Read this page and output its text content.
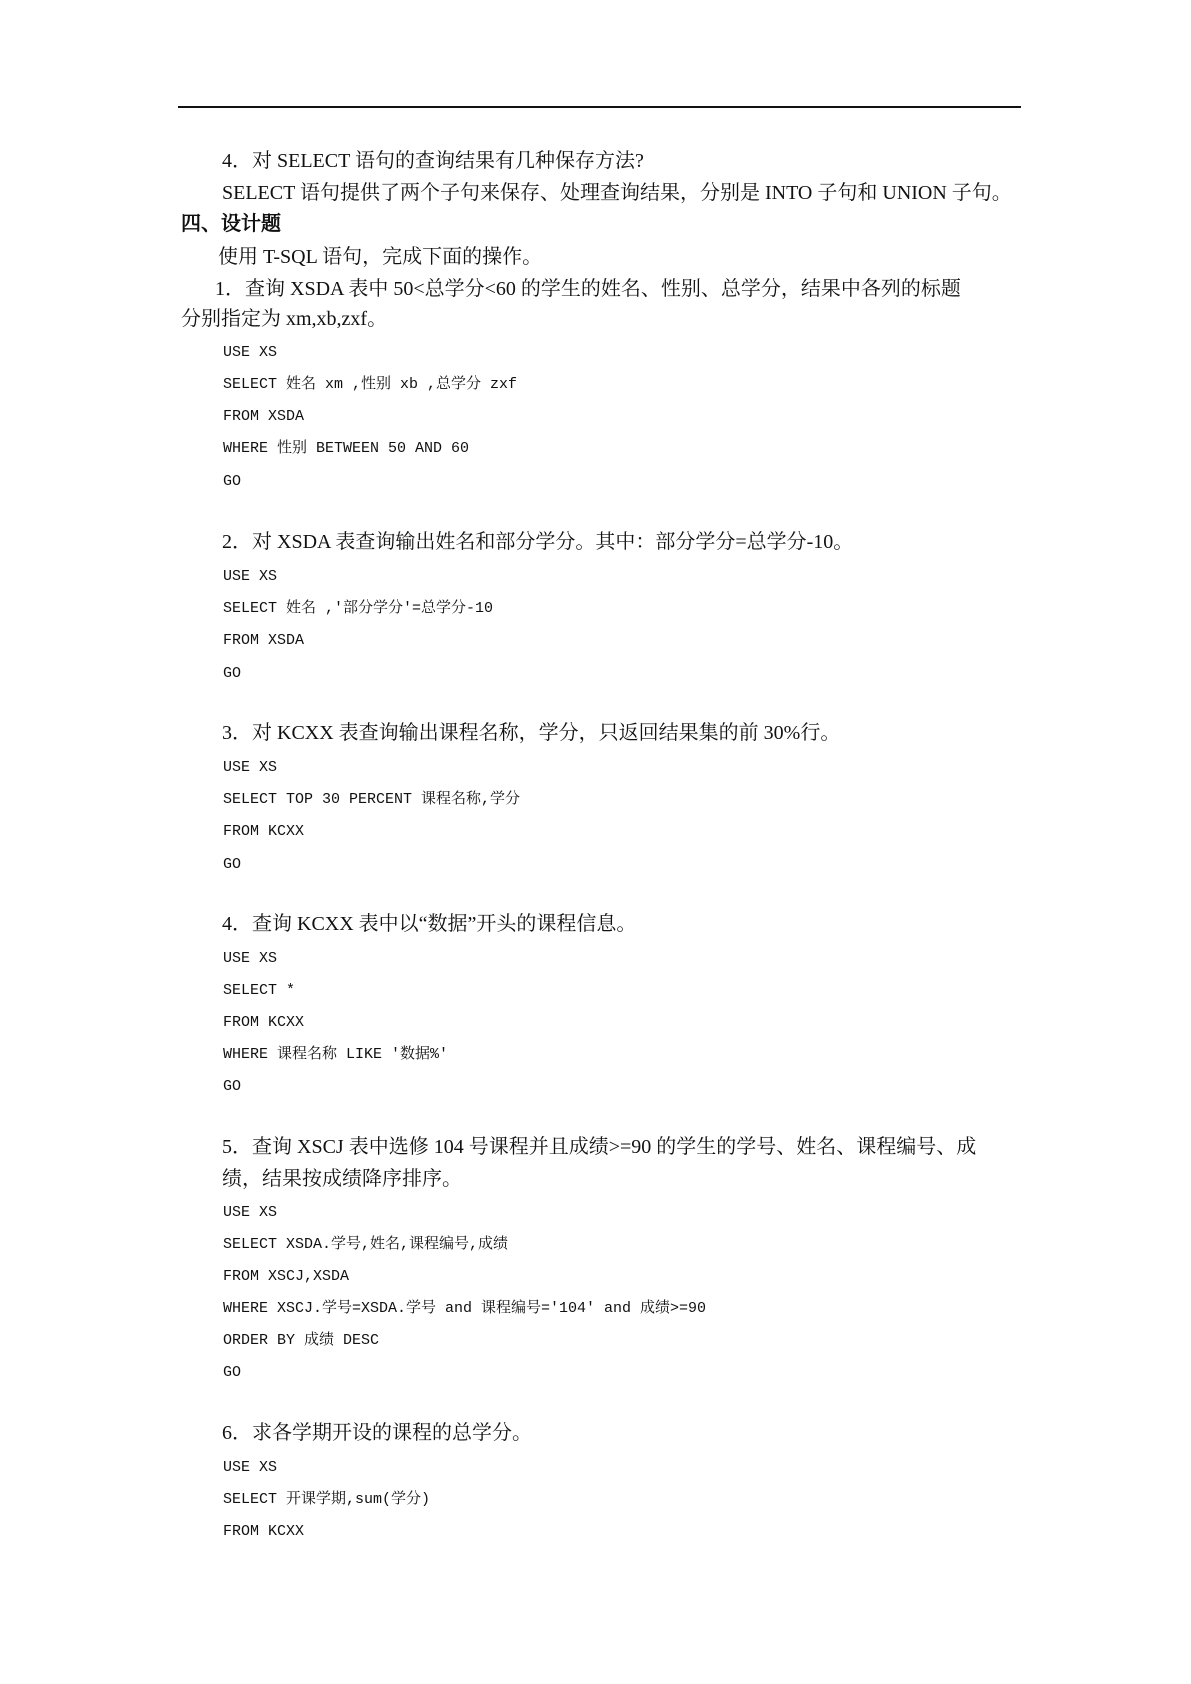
4．对 SELECT 语句的查询结果有几种保存方法?
SELECT 语句提供了两个子句来保存、处理查询结果，分别是 INTO 子句和 UNION 子句。
四、设计题
使用 T-SQL 语句，完成下面的操作。
1．查询 XSDA 表中 50<总学分<60 的学生的姓名、性别、总学分，结果中各列的标题
分别指定为 xm,xb,zxf。
USE XS
SELECT 姓名 xm ,性别 xb ,总学分 zxf
FROM XSDA
WHERE 性别 BETWEEN 50 AND 60
GO
2．对 XSDA 表查询输出姓名和部分学分。其中：部分学分=总学分-10。
USE XS
SELECT 姓名 ,'部分学分'=总学分-10
FROM XSDA
GO
3．对 KCXX 表查询输出课程名称，学分，只返回结果集的前 30%行。
USE XS
SELECT TOP 30 PERCENT 课程名称,学分
FROM KCXX
GO
4．查询 KCXX 表中以“数据”开头的课程信息。
USE XS
SELECT *
FROM KCXX
WHERE 课程名称 LIKE '数据%'
GO
5．查询 XSCJ 表中选修 104 号课程并且成绩>=90 的学生的学号、姓名、课程编号、成
绩，结果按成绩降序排序。
USE XS
SELECT XSDA.学号,姓名,课程编号,成绩
FROM XSCJ,XSDA
WHERE XSCJ.学号=XSDA.学号 and 课程编号='104' and 成绩>=90
ORDER BY 成绩 DESC
GO
6．求各学期开设的课程的总学分。
USE XS
SELECT 开课学期,sum(学分)
FROM KCXX
